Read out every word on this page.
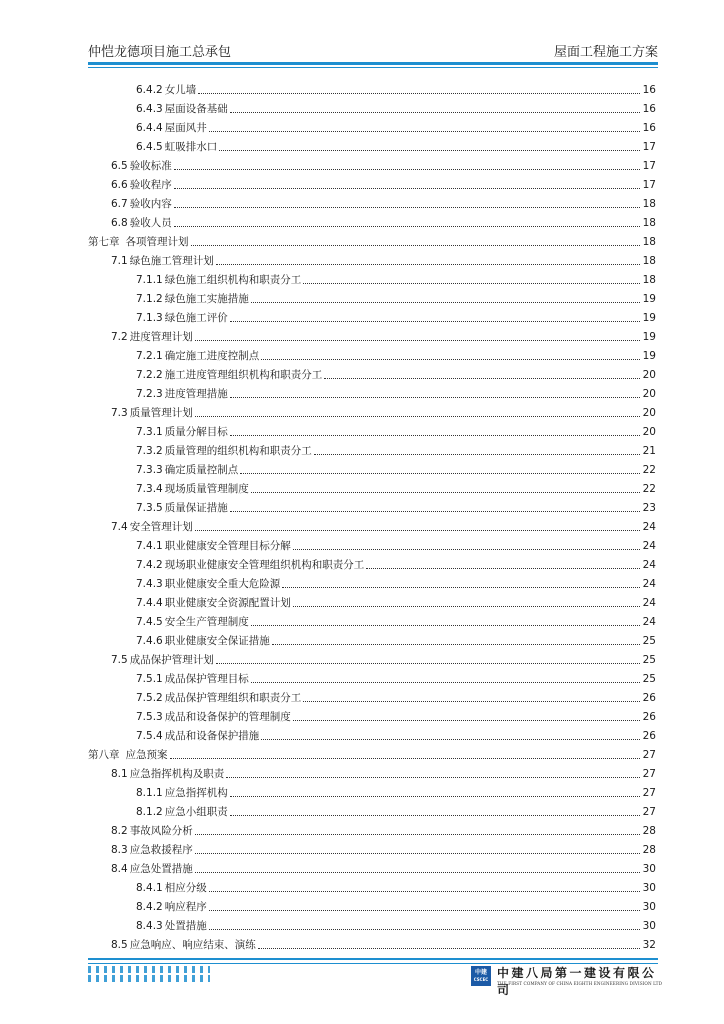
仲恺龙德项目施工总承包	屋面工程施工方案
6.4.2 女儿墙	16
6.4.3 屋面设备基础	16
6.4.4 屋面风井	16
6.4.5 虹吸排水口	17
6.5 验收标准	17
6.6 验收程序	17
6.7 验收内容	18
6.8 验收人员	18
第七章 各项管理计划	18
7.1 绿色施工管理计划	18
7.1.1 绿色施工组织机构和职责分工	18
7.1.2 绿色施工实施措施	19
7.1.3 绿色施工评价	19
7.2 进度管理计划	19
7.2.1 确定施工进度控制点	19
7.2.2 施工进度管理组织机构和职责分工	20
7.2.3 进度管理措施	20
7.3 质量管理计划	20
7.3.1 质量分解目标	20
7.3.2 质量管理的组织机构和职责分工	21
7.3.3 确定质量控制点	22
7.3.4 现场质量管理制度	22
7.3.5 质量保证措施	23
7.4 安全管理计划	24
7.4.1 职业健康安全管理目标分解	24
7.4.2 现场职业健康安全管理组织机构和职责分工	24
7.4.3 职业健康安全重大危险源	24
7.4.4 职业健康安全资源配置计划	24
7.4.5 安全生产管理制度	24
7.4.6 职业健康安全保证措施	25
7.5 成品保护管理计划	25
7.5.1 成品保护管理目标	25
7.5.2 成品保护管理组织和职责分工	26
7.5.3 成品和设备保护的管理制度	26
7.5.4 成品和设备保护措施	26
第八章 应急预案	27
8.1 应急指挥机构及职责	27
8.1.1 应急指挥机构	27
8.1.2 应急小组职责	27
8.2 事故风险分析	28
8.3 应急救援程序	28
8.4 应急处置措施	30
8.4.1 相应分级	30
8.4.2 响应程序	30
8.4.3 处置措施	30
8.5 应急响应、响应结束、演练	32
中建
CSCEC 中建八局第一建设有限公司
THE FIRST COMPANY OF CHINA EIGHTH ENGINEERING DIVISION LTD
